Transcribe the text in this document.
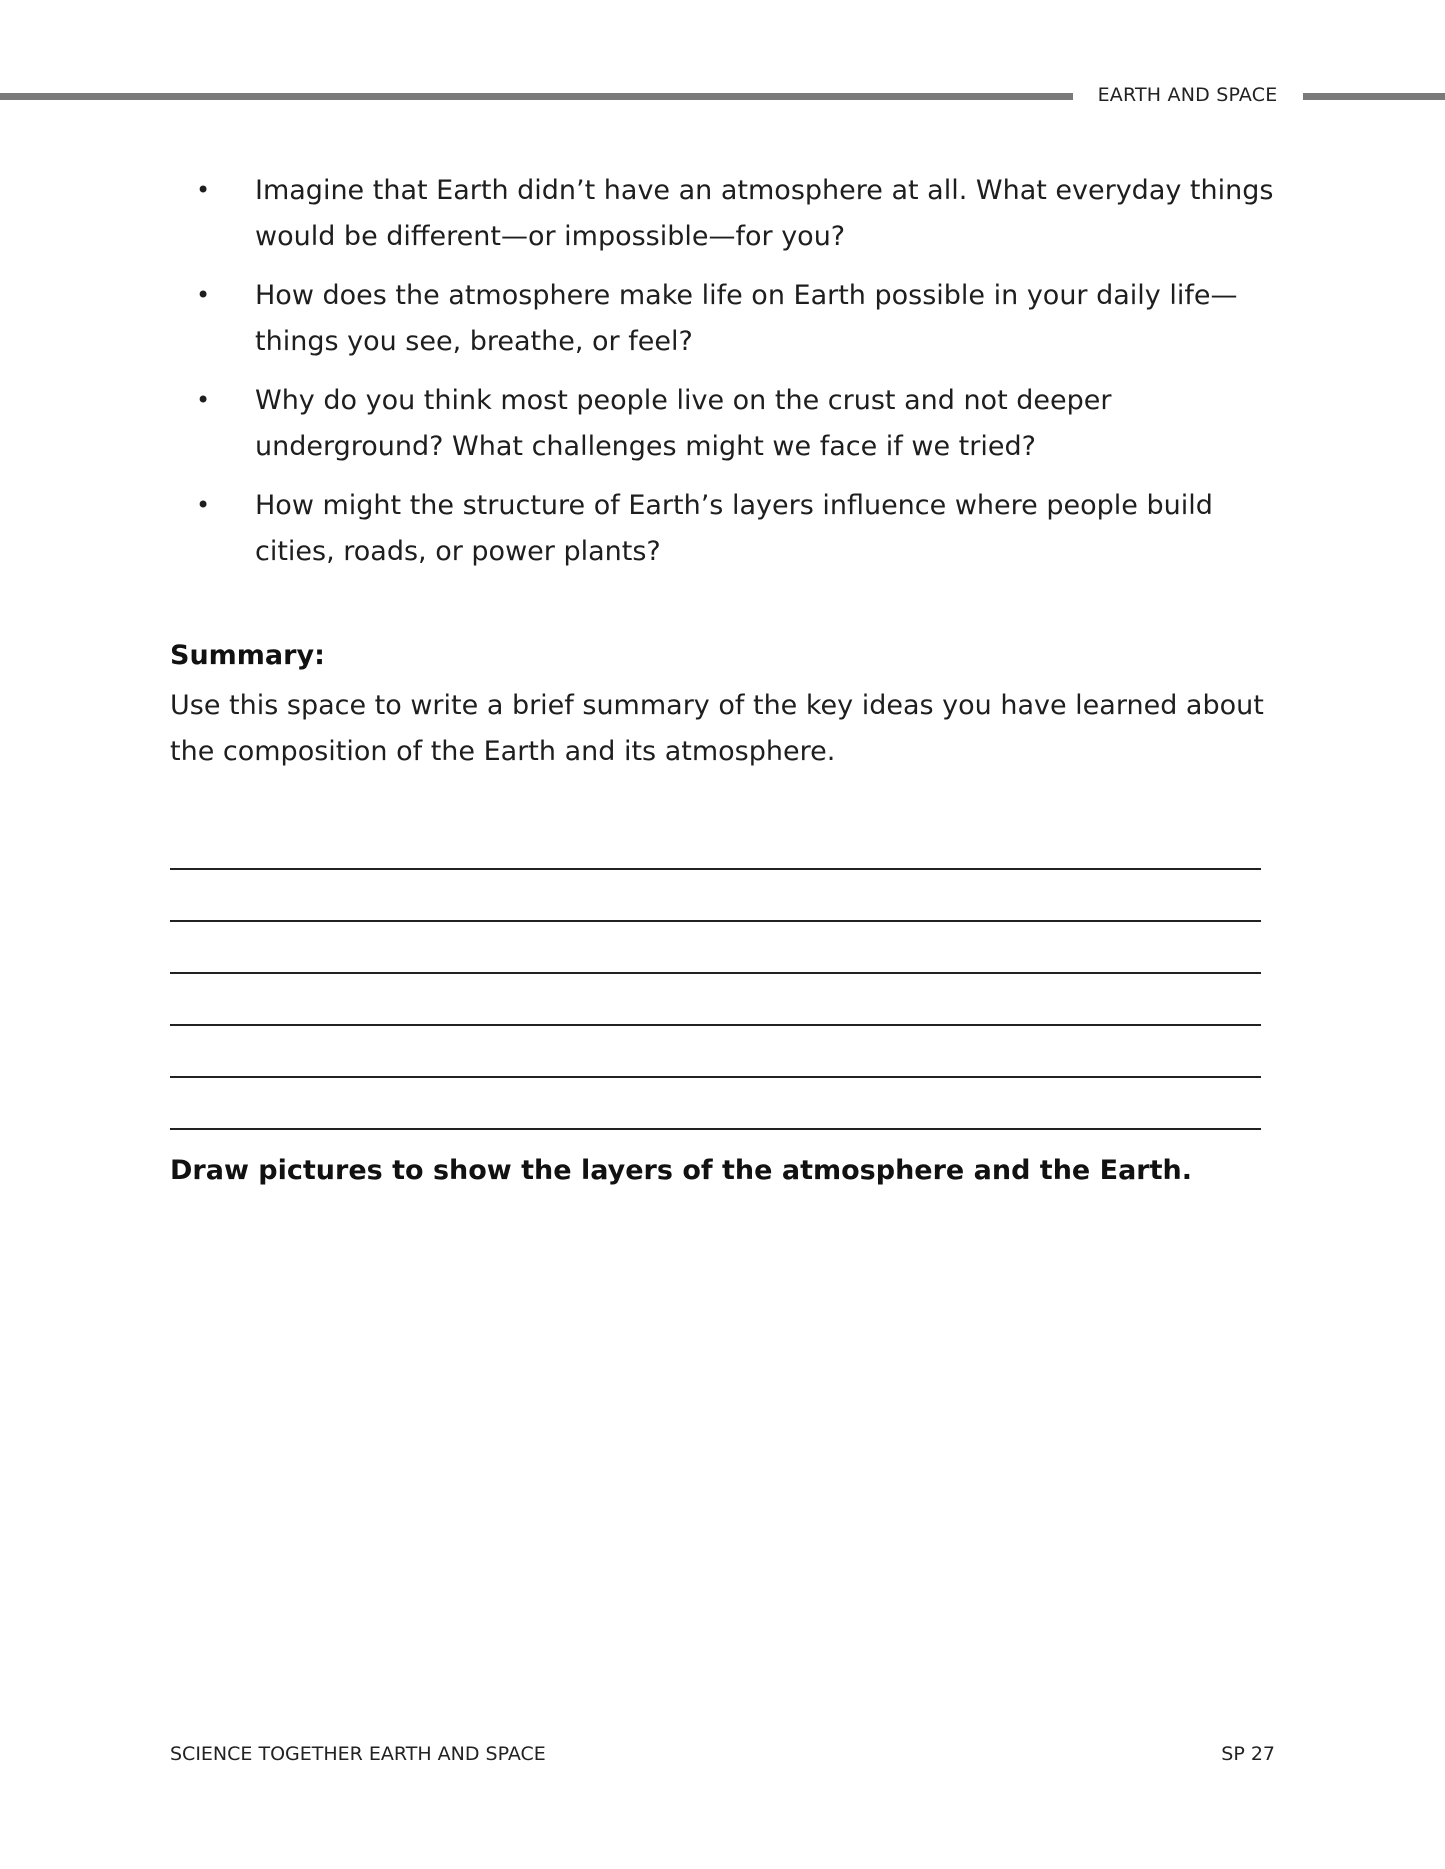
EARTH AND SPACE
• Imagine that Earth didn’t have an atmosphere at all. What everyday things would be different—or impossible—for you?
• How does the atmosphere make life on Earth possible in your daily life—things you see, breathe, or feel?
• Why do you think most people live on the crust and not deeper underground? What challenges might we face if we tried?
• How might the structure of Earth’s layers influence where people build cities, roads, or power plants?
Summary:
Use this space to write a brief summary of the key ideas you have learned about the composition of the Earth and its atmosphere.
Draw pictures to show the layers of the atmosphere and the Earth.
SCIENCE TOGETHER EARTH AND SPACE	SP 27
